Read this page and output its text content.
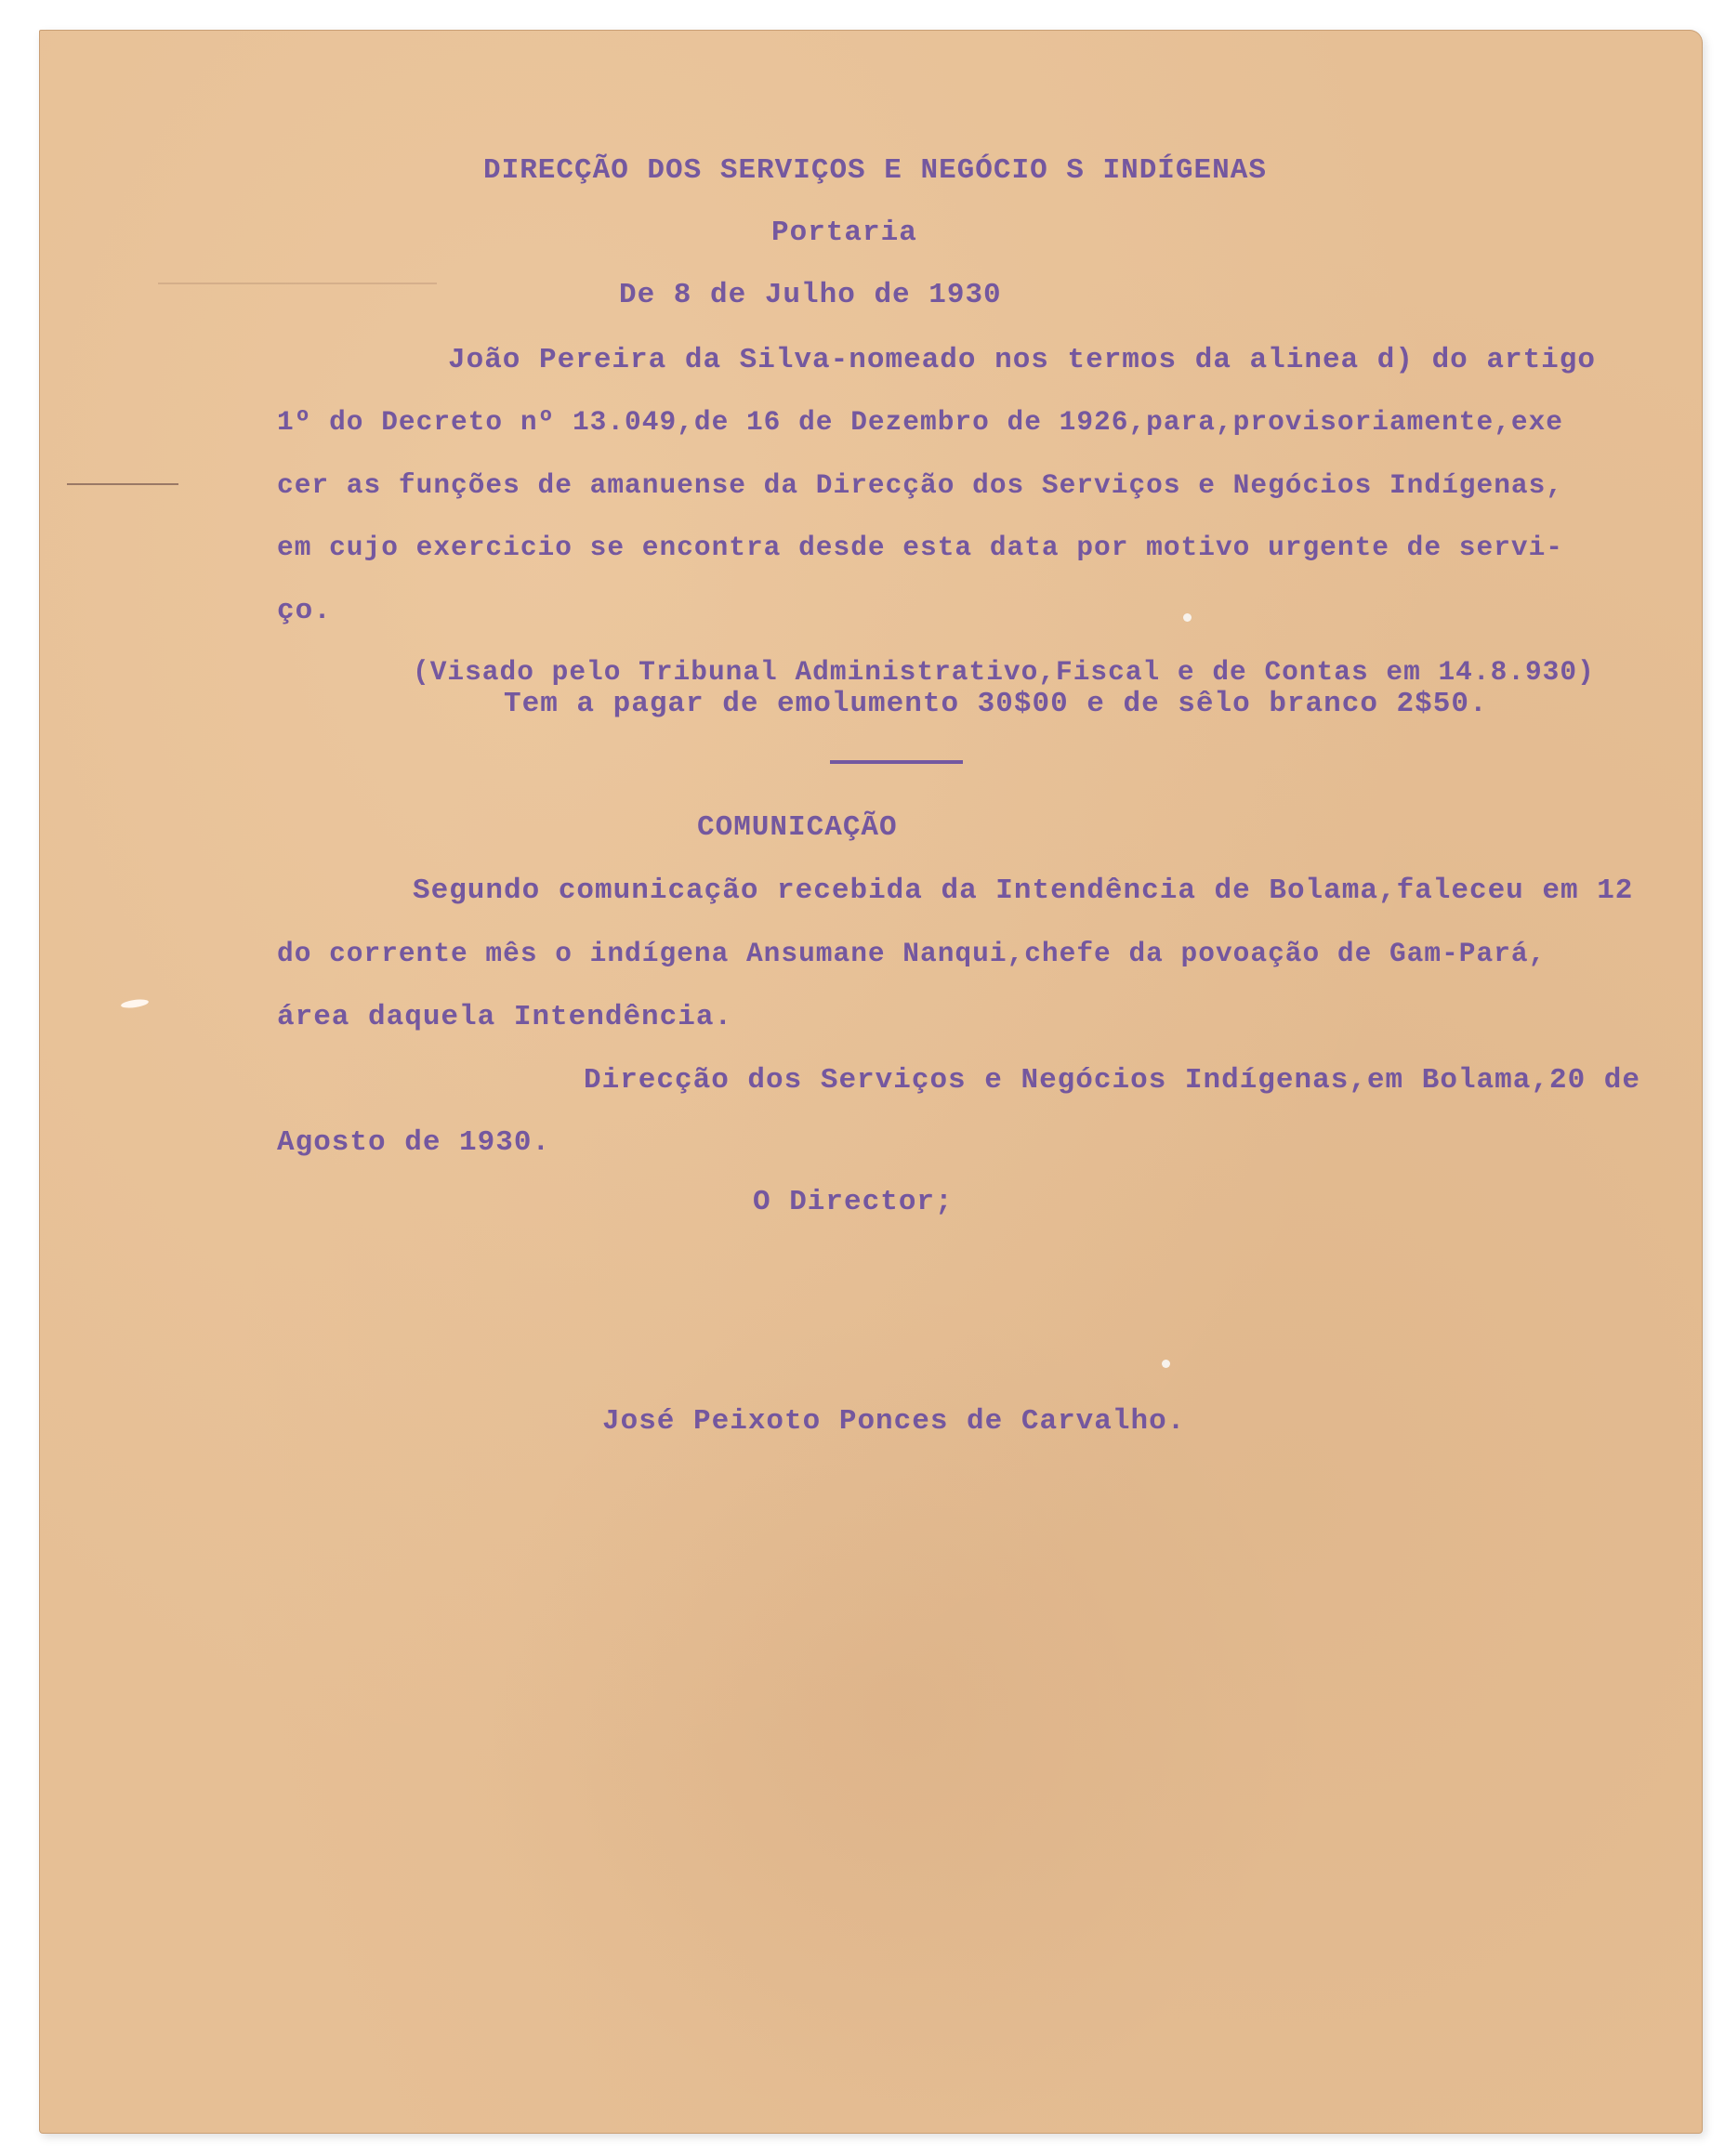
DIRECÇÃO DOS SERVIÇOS E NEGÓCIO S INDÍGENAS
Portaria
De 8 de Julho de 1930
João Pereira da Silva-nomeado nos termos da alinea d) do artigo
1º do Decreto nº 13.049,de 16 de Dezembro de 1926,para,provisoriamente,exe
cer as funções de amanuense da Direcção dos Serviços e Negócios Indígenas,
em cujo exercicio se encontra desde esta data por motivo urgente de servi-
ço.
(Visado pelo Tribunal Administrativo,Fiscal e de Contas em 14.8.930)
Tem a pagar de emolumento 30$00 e de sêlo branco 2$50.
COMUNICAÇÃO
Segundo comunicação recebida da Intendência de Bolama,faleceu em 12
do corrente mês o indígena Ansumane Nanqui,chefe da povoação de Gam-Pará,
área daquela Intendência.
Direcção dos Serviços e Negócios Indígenas,em Bolama,20 de
Agosto de 1930.
O Director;
José Peixoto Ponces de Carvalho.
